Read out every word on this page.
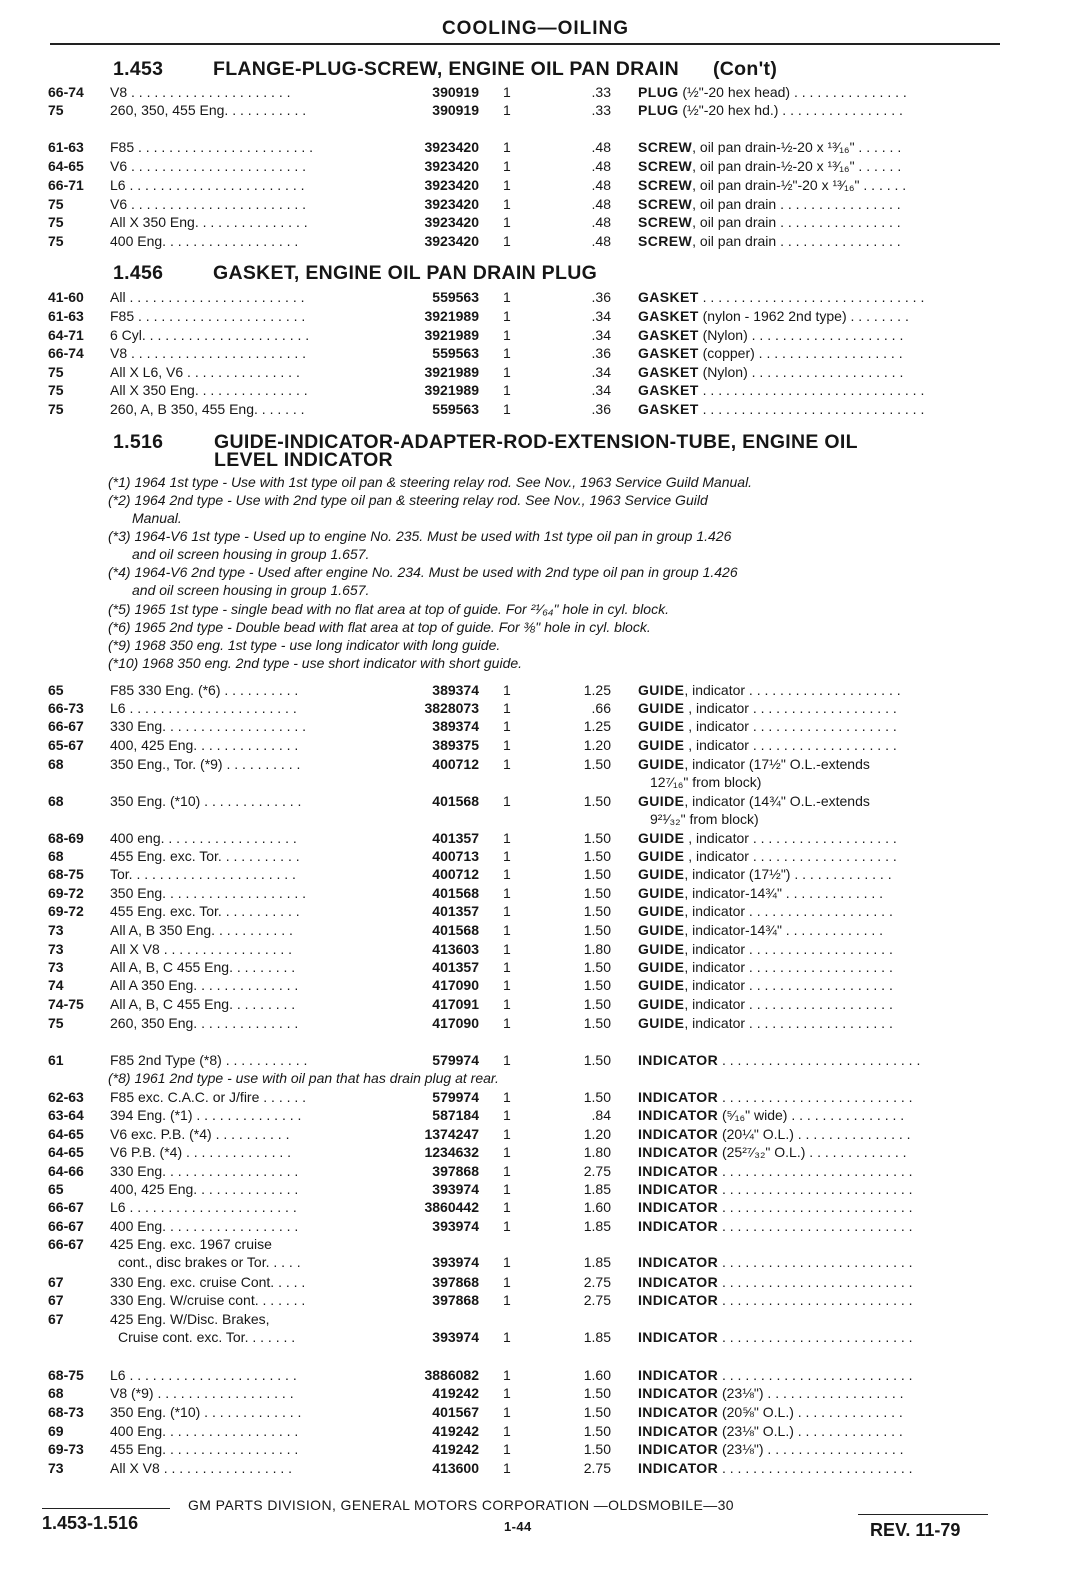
COOLING—OILING
1.453	FLANGE-PLUG-SCREW, ENGINE OIL PAN DRAIN (Con't)
66-74	V8 . . . . . . . . . . . . . . . . . . . . .	390919 1	.33 PLUG (½"-20 hex head) . . . . . . . . . . . . . . .
75	260, 350, 455 Eng. . . . . . . . . . .	390919 1	.33 PLUG (½"-20 hex hd.) . . . . . . . . . . . . . . . .
61-63	F85 . . . . . . . . . . . . . . . . . . . . . . .	3923420 1	.48 SCREW, oil pan drain-½-20 x ¹³⁄₁₆" . . . . . .
64-65	V6 . . . . . . . . . . . . . . . . . . . . . . .	3923420 1	.48 SCREW, oil pan drain-½-20 x ¹³⁄₁₆" . . . . . .
66-71	L6 . . . . . . . . . . . . . . . . . . . . . . .	3923420 1	.48 SCREW, oil pan drain-½"-20 x ¹³⁄₁₆" . . . . . .
75	V6 . . . . . . . . . . . . . . . . . . . . . . .	3923420 1	.48 SCREW, oil pan drain . . . . . . . . . . . . . . . .
75	All X 350 Eng. . . . . . . . . . . . . . .	3923420 1	.48 SCREW, oil pan drain . . . . . . . . . . . . . . . .
75	400 Eng. . . . . . . . . . . . . . . . . .	3923420 1	.48 SCREW, oil pan drain . . . . . . . . . . . . . . . .
1.456	GASKET, ENGINE OIL PAN DRAIN PLUG
41-60	All . . . . . . . . . . . . . . . . . . . . . . .	559563 1	.36 GASKET . . . . . . . . . . . . . . . . . . . . . . . . . . . . .
61-63	F85 . . . . . . . . . . . . . . . . . . . . . .	3921989 1	.34 GASKET (nylon - 1962 2nd type) . . . . . . . .
64-71	6 Cyl. . . . . . . . . . . . . . . . . . . . . .	3921989 1	.34 GASKET (Nylon) . . . . . . . . . . . . . . . . . . . .
66-74	V8 . . . . . . . . . . . . . . . . . . . . . . .	559563 1	.36 GASKET (copper) . . . . . . . . . . . . . . . . . . .
75	All X L6, V6 . . . . . . . . . . . . . . .	3921989 1	.34 GASKET (Nylon) . . . . . . . . . . . . . . . . . . . .
75	All X 350 Eng. . . . . . . . . . . . . . .	3921989 1	.34 GASKET . . . . . . . . . . . . . . . . . . . . . . . . . . . . .
75	260, A, B 350, 455 Eng. . . . . . .	559563 1	.36 GASKET . . . . . . . . . . . . . . . . . . . . . . . . . . . . .
1.516	GUIDE-INDICATOR-ADAPTER-ROD-EXTENSION-TUBE, ENGINE OIL
LEVEL INDICATOR
(*1) 1964 1st type - Use with 1st type oil pan & steering relay rod. See Nov., 1963 Service Guild Manual.
(*2) 1964 2nd type - Use with 2nd type oil pan & steering relay rod. See Nov., 1963 Service Guild
Manual.
(*3) 1964-V6 1st type - Used up to engine No. 235. Must be used with 1st type oil pan in group 1.426
and oil screen housing in group 1.657.
(*4) 1964-V6 2nd type - Used after engine No. 234. Must be used with 2nd type oil pan in group 1.426
and oil screen housing in group 1.657.
(*5) 1965 1st type - single bead with no flat area at top of guide. For ²¹⁄₆₄" hole in cyl. block.
(*6) 1965 2nd type - Double bead with flat area at top of guide. For ⅜" hole in cyl. block.
(*9) 1968 350 eng. 1st type - use long indicator with long guide.
(*10) 1968 350 eng. 2nd type - use short indicator with short guide.
65	F85 330 Eng. (*6) . . . . . . . . . .	389374 1	1.25 GUIDE, indicator . . . . . . . . . . . . . . . . . . . .
66-73	L6 . . . . . . . . . . . . . . . . . . . . . .	3828073 1	.66 GUIDE , indicator . . . . . . . . . . . . . . . . . . .
66-67	330 Eng. . . . . . . . . . . . . . . . . . .	389374 1	1.25 GUIDE , indicator . . . . . . . . . . . . . . . . . . .
65-67	400, 425 Eng. . . . . . . . . . . . . .	389375 1	1.20 GUIDE , indicator . . . . . . . . . . . . . . . . . . .
68	350 Eng., Tor. (*9) . . . . . . . . . .	400712 1	1.50 GUIDE, indicator (17½" O.L.-extends
12⁷⁄₁₆" from block)
68	350 Eng. (*10) . . . . . . . . . . . . .	401568 1	1.50 GUIDE, indicator (14¾" O.L.-extends
9²¹⁄₃₂" from block)
68-69	400 eng. . . . . . . . . . . . . . . . . .	401357 1	1.50 GUIDE , indicator . . . . . . . . . . . . . . . . . . .
68	455 Eng. exc. Tor. . . . . . . . . . .	400713 1	1.50 GUIDE , indicator . . . . . . . . . . . . . . . . . . .
68-75	Tor. . . . . . . . . . . . . . . . . . . . . .	400712 1	1.50 GUIDE, indicator (17½") . . . . . . . . . . . . .
69-72	350 Eng. . . . . . . . . . . . . . . . . . .	401568 1	1.50 GUIDE, indicator-14¾" . . . . . . . . . . . . .
69-72	455 Eng. exc. Tor. . . . . . . . . . .	401357 1	1.50 GUIDE, indicator . . . . . . . . . . . . . . . . . . .
73	All A, B 350 Eng. . . . . . . . . . .	401568 1	1.50 GUIDE, indicator-14¾" . . . . . . . . . . . . .
73	All X V8 . . . . . . . . . . . . . . . . .	413603 1	1.80 GUIDE, indicator . . . . . . . . . . . . . . . . . . .
73	All A, B, C 455 Eng. . . . . . . . .	401357 1	1.50 GUIDE, indicator . . . . . . . . . . . . . . . . . . .
74	All A 350 Eng. . . . . . . . . . . . . .	417090 1	1.50 GUIDE, indicator . . . . . . . . . . . . . . . . . . .
74-75	All A, B, C 455 Eng. . . . . . . . .	417091 1	1.50 GUIDE, indicator . . . . . . . . . . . . . . . . . . .
75	260, 350 Eng. . . . . . . . . . . . . .	417090 1	1.50 GUIDE, indicator . . . . . . . . . . . . . . . . . . .
61	F85 2nd Type (*8) . . . . . . . . . . .	579974 1	1.50 INDICATOR . . . . . . . . . . . . . . . . . . . . . . . . . .
(*8) 1961 2nd type - use with oil pan that has drain plug at rear.
62-63	F85 exc. C.A.C. or J/fire . . . . . .	579974 1	1.50 INDICATOR . . . . . . . . . . . . . . . . . . . . . . . . .
63-64	394 Eng. (*1) . . . . . . . . . . . . . .	587184 1	.84 INDICATOR (⁵⁄₁₆" wide) . . . . . . . . . . . . . . .
64-65	V6 exc. P.B. (*4) . . . . . . . . . .	1374247 1	1.20 INDICATOR (20¼" O.L.) . . . . . . . . . . . . . . .
64-65	V6 P.B. (*4) . . . . . . . . . . . . . .	1234632 1	1.80 INDICATOR (25²⁷⁄₃₂" O.L.) . . . . . . . . . . . . .
64-66	330 Eng. . . . . . . . . . . . . . . . . .	397868 1	2.75 INDICATOR . . . . . . . . . . . . . . . . . . . . . . . . .
65	400, 425 Eng. . . . . . . . . . . . . .	393974 1	1.85 INDICATOR . . . . . . . . . . . . . . . . . . . . . . . . .
66-67	L6 . . . . . . . . . . . . . . . . . . . . . .	3860442 1	1.60 INDICATOR . . . . . . . . . . . . . . . . . . . . . . . . .
66-67	400 Eng. . . . . . . . . . . . . . . . . .	393974 1	1.85 INDICATOR . . . . . . . . . . . . . . . . . . . . . . . . .
66-67	425 Eng. exc. 1967 cruise
cont., disc brakes or Tor. . . . .	393974 1	1.85 INDICATOR . . . . . . . . . . . . . . . . . . . . . . . . .
67	330 Eng. exc. cruise Cont. . . . .	397868 1	2.75 INDICATOR . . . . . . . . . . . . . . . . . . . . . . . . .
67	330 Eng. W/cruise cont. . . . . . .	397868 1	2.75 INDICATOR . . . . . . . . . . . . . . . . . . . . . . . . .
67	425 Eng. W/Disc. Brakes,
Cruise cont. exc. Tor. . . . . . .	393974 1	1.85 INDICATOR . . . . . . . . . . . . . . . . . . . . . . . . .
68-75	L6 . . . . . . . . . . . . . . . . . . . . . .	3886082 1	1.60 INDICATOR . . . . . . . . . . . . . . . . . . . . . . . . .
68	V8 (*9) . . . . . . . . . . . . . . . . . .	419242 1	1.50 INDICATOR (23⅛") . . . . . . . . . . . . . . . . . .
68-73	350 Eng. (*10) . . . . . . . . . . . . .	401567 1	1.50 INDICATOR (20⅝" O.L.) . . . . . . . . . . . . . .
69	400 Eng. . . . . . . . . . . . . . . . . .	419242 1	1.50 INDICATOR (23⅛" O.L.) . . . . . . . . . . . . . .
69-73	455 Eng. . . . . . . . . . . . . . . . . .	419242 1	1.50 INDICATOR (23⅛") . . . . . . . . . . . . . . . . . .
73	All X V8 . . . . . . . . . . . . . . . . .	413600 1	2.75 INDICATOR . . . . . . . . . . . . . . . . . . . . . . . . .
GM PARTS DIVISION, GENERAL MOTORS CORPORATION —OLDSMOBILE—30
1.453-1.516	1-44	REV. 11-79
